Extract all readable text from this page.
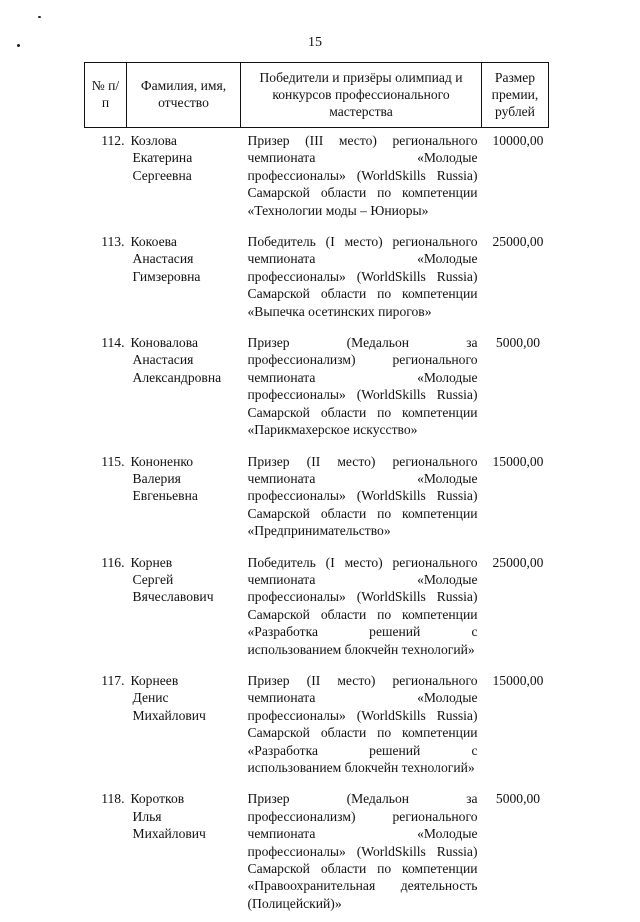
15
№ п/п	Фамилия, имя, отчество	Победители и призёры олимпиад и конкурсов профессионального мастерства	Размер премии, рублей
112.	Козлова
Екатерина
Сергеевна	Призер (III место) регионального чемпионата «Молодые профессионалы» (WorldSkills Russia) Самарской области по компетенции «Технологии моды – Юниоры»	10000,00
113.	Кокоева
Анастасия
Гимзеровна	Победитель (I место) регионального чемпионата «Молодые профессионалы» (WorldSkills Russia) Самарской области по компетенции «Выпечка осетинских пирогов»	25000,00
114.	Коновалова
Анастасия
Александровна	Призер (Медальон за профессионализм) регионального чемпионата «Молодые профессионалы» (WorldSkills Russia) Самарской области по компетенции «Парикмахерское искусство»	5000,00
115.	Кононенко
Валерия
Евгеньевна	Призер (II место) регионального чемпионата «Молодые профессионалы» (WorldSkills Russia) Самарской области по компетенции «Предпринимательство»	15000,00
116.	Корнев
Сергей
Вячеславович	Победитель (I место) регионального чемпионата «Молодые профессионалы» (WorldSkills Russia) Самарской области по компетенции «Разработка решений с использованием блокчейн технологий»	25000,00
117.	Корнеев
Денис
Михайлович	Призер (II место) регионального чемпионата «Молодые профессионалы» (WorldSkills Russia) Самарской области по компетенции «Разработка решений с использованием блокчейн технологий»	15000,00
118.	Коротков
Илья
Михайлович	Призер (Медальон за профессионализм) регионального чемпионата «Молодые профессионалы» (WorldSkills Russia) Самарской области по компетенции «Правоохранительная деятельность (Полицейский)»	5000,00
